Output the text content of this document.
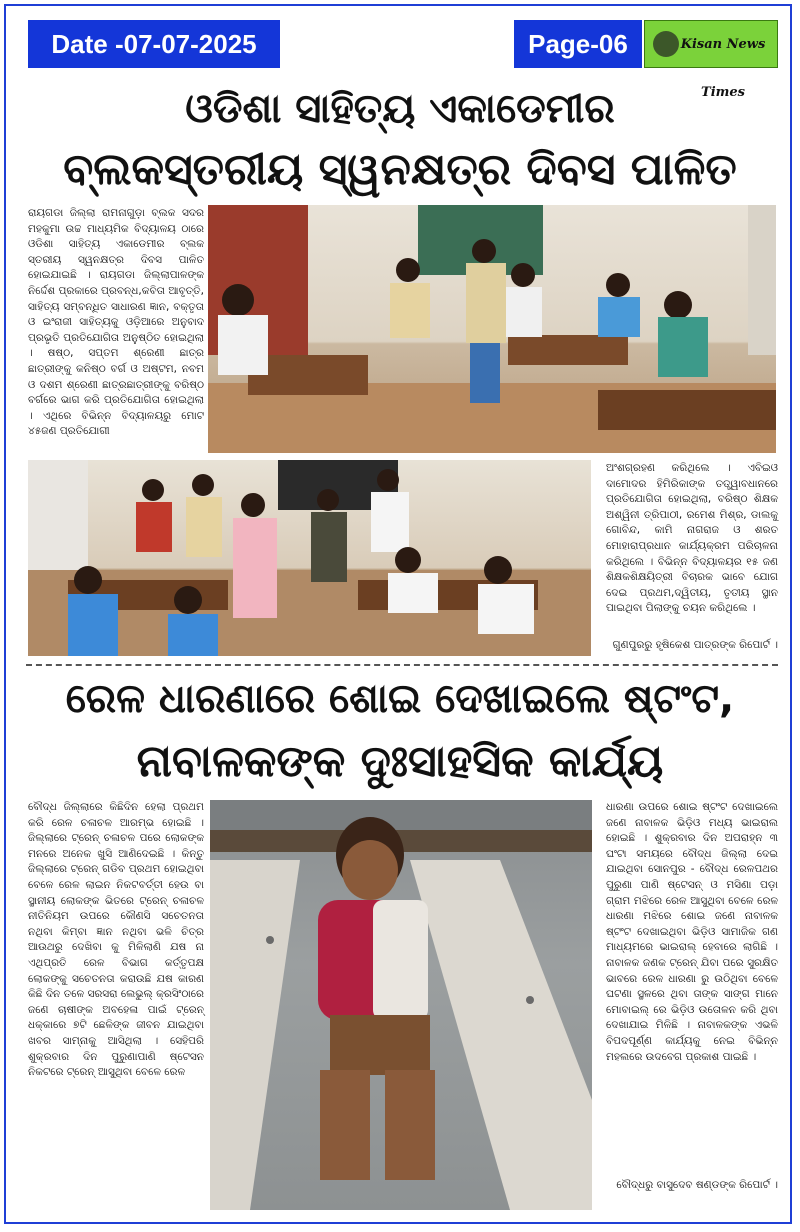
Date -07-07-2025	Page-06	Kisan News Times
ଓଡିଶା ସାହିତ୍ୟ ଏକାଡେମୀର
ବ୍ଲକସ୍ତରୀୟ ସ୍ୱନକ୍ଷତ୍ର ଦିବସ ପାଳିତ
ରାୟଗଡା ଜିଲ୍ଲା ରାମନାଗୁଡ଼ା ବ୍ଲକ ସଦର ମହକୁମା ଉଚ୍ଚ ମାଧ୍ୟମିକ ବିଦ୍ୟାଳୟ ଠାରେ ଓଡିଶା ସାହିତ୍ୟ ଏକାଡେମୀର ବ୍ଲକ ସ୍ତରୀୟ ସ୍ୱନକ୍ଷତ୍ର ଦିବସ ପାଳିତ ହୋଇଯାଇଛି । ରାୟଗଡା ଜିଲ୍ଲାପାଳଙ୍କ ନିର୍ଦ୍ଦେଶ ପ୍ରକାରେ ପ୍ରବନ୍ଧ,କବିତା ଆବୃତ୍ତି, ସାହିତ୍ୟ ସମ୍ବନ୍ଧିତ ସାଧାରଣ ଜ୍ଞାନ, ବକ୍ତୃତା ଓ ଇଂରାଜୀ ସାହିତ୍ୟକୁ ଓଡ଼ିଆରେ ଅନୁବାଦ ପ୍ରଭୃତି ପ୍ରତିଯୋଗିତା ଅନୁଷ୍ଠିତ ହୋଇଥିଲା । ଷଷ୍ଠ, ସପ୍ତମ ଶ୍ରେଣୀ ଛାତ୍ର ଛାତ୍ରୀଙ୍କୁ କନିଷ୍ଠ ବର୍ଗ ଓ ଅଷ୍ଟମ, ନବମ ଓ ଦଶମ ଶ୍ରେଣୀ ଛାତ୍ରଛାତ୍ରୀଙ୍କୁ ବରିଷ୍ଠ ବର୍ଗରେ ଭାଗ କରି ପ୍ରତିଯୋଗିତା ହୋଇଥିଲା । ଏଥିରେ ବିଭିନ୍ନ ବିଦ୍ୟାଳୟରୁ ମୋଟ ୪୫ଜଣ ପ୍ରତିଯୋଗୀ
ଅଂଶଗ୍ରହଣ କରିଥିଲେ । ଏବିଇଓ ଦାମୋଦର ହିମିରିକାଙ୍କ ତତ୍ତ୍ୱାବଧାନରେ ପ୍ରତିଯୋଗିତା ହୋଇଥିଲା, ବରିଷ୍ଠ ଶିକ୍ଷକ ଅଶ୍ୱିନୀ ତ୍ରିପାଠୀ, ରମେଶ ମିଶ୍ର, ଡାଲକୁ ଗୋବିନ୍ଦ, କାମି ନାଗରାଜ ଓ ଶରତ ମୋହାରାପ୍ରଧାନ କାର୍ଯ୍ୟକ୍ରମ ପରିଚାଳନା କରିଥିଲେ । ବିଭିନ୍ନ ବିଦ୍ୟାଳୟର ୧୫ ଜଣ ଶିକ୍ଷକଶିକ୍ଷୟିତ୍ରୀ ବିଚାରକ ଭାବେ ଯୋଗ ଦେଇ ପ୍ରଥମ,ଦ୍ୱିତୀୟ, ତୃତୀୟ ସ୍ଥାନ ପାଇଥିବା ପିଲାଙ୍କୁ ଚୟନ କରିଥିଲେ ।
ଗୁଣପୁରରୁ ହୃଷିକେଶ ପାତ୍ରଙ୍କ ରିପୋର୍ଟ ।
ରେଳ ଧାରଣାରେ ଶୋଇ ଦେଖାଇଲେ ଷ୍ଟଂଟ,
ନାବାଳକଙ୍କ ଦୁଃସାହସିକ କାର୍ଯ୍ୟ
ବୌଦ୍ଧ ଜିଲ୍ଲାରେ କିଛିଦିନ ହେଲା ପ୍ରଥମ କରି ରେଳ ଚଳାଚଳ ଆରମ୍ଭ ହୋଇଛି । ଜିଲ୍ଲାରେ ଟ୍ରେନ୍ ଚଳାଚଳ ପରେ ଲୋକଙ୍କ ମନରେ ଅନେକ ଖୁସି ଆଣିଦେଇଛି । କିନ୍ତୁ ଜିଲ୍ଲାରେ ଟ୍ରେନ୍ ଗଡିବ ପ୍ରଥମ ହୋଇଥିବା ବେଳେ ରେଳ ଲାଇନ ନିକଟବର୍ତ୍ତୀ ହେଉ ବା ସ୍ଥାନୀୟ ଲୋକଙ୍କ ଭିତରେ ଟ୍ରେନ୍ ଚଳାଚଳ ନୀତିନିୟମ ଉପରେ କୌଣସି ସଚେତନତା ନଥିବା କିମ୍ବା ଜ୍ଞାନ ନଥିବା ଭଳି ଚିତ୍ର ଆଉଥରୁ ଦେଖିବା କୁ ମିଳିଲାଣି ଯଷ ନା ଏଥିପ୍ରତି ରେଳ ବିଭାଗ କର୍ତ୍ତୃପକ୍ଷ ଲୋକଙ୍କୁ ସଚେତନତା କରାଉଛି ଯଷ କାରଣ କିଛି ଦିନ ତଳେ ସରସରା ଲେଭୁଲ୍ କ୍ରସିଂଠାରେ ଜଣେ ଚାଷୀଙ୍କ ଅବହେଳା ପାଇଁ ଟ୍ରେନ୍ ଧକ୍କାରେ ୭ଟି ଛେଳିଙ୍କ ଜୀବନ ଯାଇଥିବା ଖବର ସାମ୍ନାକୁ ଆସିଥିଲା । ସେହିପରି ଶୁକ୍ରବାର ଦିନ ପୁରୁଣାପାଣି ଷ୍ଟେସନ ନିକଟରେ ଟ୍ରେନ୍ ଆସୁଥିବା ବେଳେ ରେଳ
ଧାରଣା ଉପରେ ଶୋଇ ଷ୍ଟଂଟ ଦେଖାଇଲେ ଜଣେ ନାବାଳକ ଭିଡ଼ିଓ ମଧ୍ୟ ଭାଇରାଲ ହୋଇଛି । ଶୁକ୍ରବାର ଦିନ ଅପରାହ୍ନ ୩ ଘଂଟା ସମୟରେ ବୌଦ୍ଧ ଜିଲ୍ଲା ଦେଇ ଯାଇଥିବା ସୋନପୁର - ବୌଦ୍ଧ ରେଳପଥର ପୁରୁଣା ପାଣି ଷ୍ଟେସନ୍ ଓ ମସିଣା ପଡ଼ା ଗ୍ରାମ ମଝିରେ ରେଳ ଆସୁଥିବା ବେଳେ ରେଳ ଧାରଣା ମଝିରେ ଶୋଇ ଜଣେ ନାବାଳକ ଷ୍ଟଂଟ ଦେଖାଇଥିବା ଭିଡ଼ିଓ ସାମାଜିକ ଗଣ ମାଧ୍ୟମରେ ଭାଇରାଲ୍ ହେବାରେ ଲାଗିଛି । ନାବାଳକ ଜଣକ ଟ୍ରେନ୍ ଯିବା ପରେ ସୁରକ୍ଷିତ ଭାବରେ ରେଳ ଧାରଣା ରୁ ଉଠିଥିବା ବେଳେ ଘଟଣା ସ୍ଥଳରେ ଥିବା ତାଙ୍କ ସାଙ୍ଗ ମାନେ ମୋବାଇଲ୍ ରେ ଭିଡ଼ିଓ ଉତୋଳନ କରି ଥିବା ଦେଖାଯାଇ ମିଳିଛି । ନାବାଳକଙ୍କ ଏଭଳି ବିପଦପୂର୍ଣ୍ଣ କାର୍ଯ୍ୟକୁ ନେଇ ବିଭିନ୍ନ ମହଲରେ ଉଦବେଗ ପ୍ରକାଶ ପାଇଛି ।
ବୌଦ୍ଧରୁ ବାସୁଦେବ ଷଣ୍ଡଙ୍କ ରିପୋର୍ଟ ।
